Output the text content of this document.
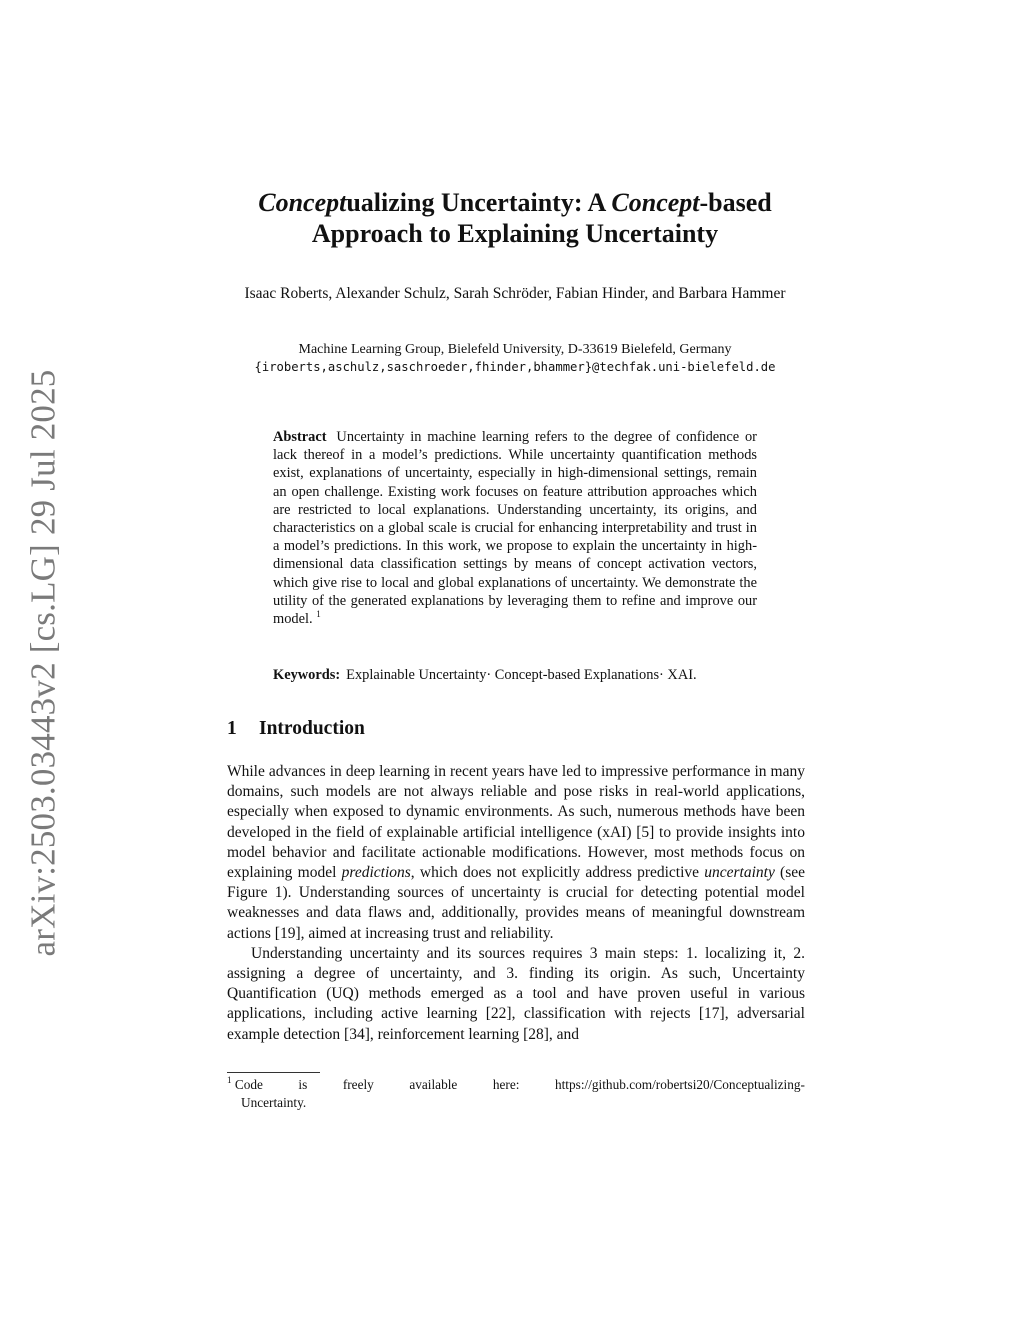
arXiv:2503.03443v2 [cs.LG] 29 Jul 2025
Conceptualizing Uncertainty: A Concept-based
Approach to Explaining Uncertainty
Isaac Roberts, Alexander Schulz, Sarah Schröder, Fabian Hinder, and Barbara Hammer
Machine Learning Group, Bielefeld University, D-33619 Bielefeld, Germany
{iroberts,aschulz,saschroeder,fhinder,bhammer}@techfak.uni-bielefeld.de
Abstract Uncertainty in machine learning refers to the degree of confidence or lack thereof in a model’s predictions. While uncertainty quantification methods exist, explanations of uncertainty, especially in high-dimensional settings, remain an open challenge. Existing work focuses on feature attribution approaches which are restricted to local explanations. Understanding uncertainty, its origins, and characteristics on a global scale is crucial for enhancing interpretability and trust in a model’s predictions. In this work, we propose to explain the uncertainty in high-dimensional data classification settings by means of concept activation vectors, which give rise to local and global explanations of uncertainty. We demonstrate the utility of the generated explanations by leveraging them to refine and improve our model. $^1$
Keywords: Explainable Uncertainty· Concept-based Explanations· XAI.
1 Introduction

While advances in deep learning in recent years have led to impressive performance in many domains, such models are not always reliable and pose risks in real-world applications, especially when exposed to dynamic environments. As such, numerous methods have been developed in the field of explainable artificial intelligence (xAI) [5] to provide insights into model behavior and facilitate actionable modifications. However, most methods focus on explaining model predictions, which does not explicitly address predictive uncertainty (see Figure 1). Understanding sources of uncertainty is crucial for detecting potential model weaknesses and data flaws and, additionally, provides means of meaningful downstream actions [19], aimed at increasing trust and reliability.

Understanding uncertainty and its sources requires 3 main steps: 1. localizing it, 2. assigning a degree of uncertainty, and 3. finding its origin. As such, Uncertainty Quantification (UQ) methods emerged as a tool and have proven useful in various applications, including active learning [22], classification with rejects [17], adversarial example detection [34], reinforcement learning [28], and

$^1$ Code	is	freely	available	here:	https://github.com/robertsi20/Conceptualizing-
Uncertainty.
